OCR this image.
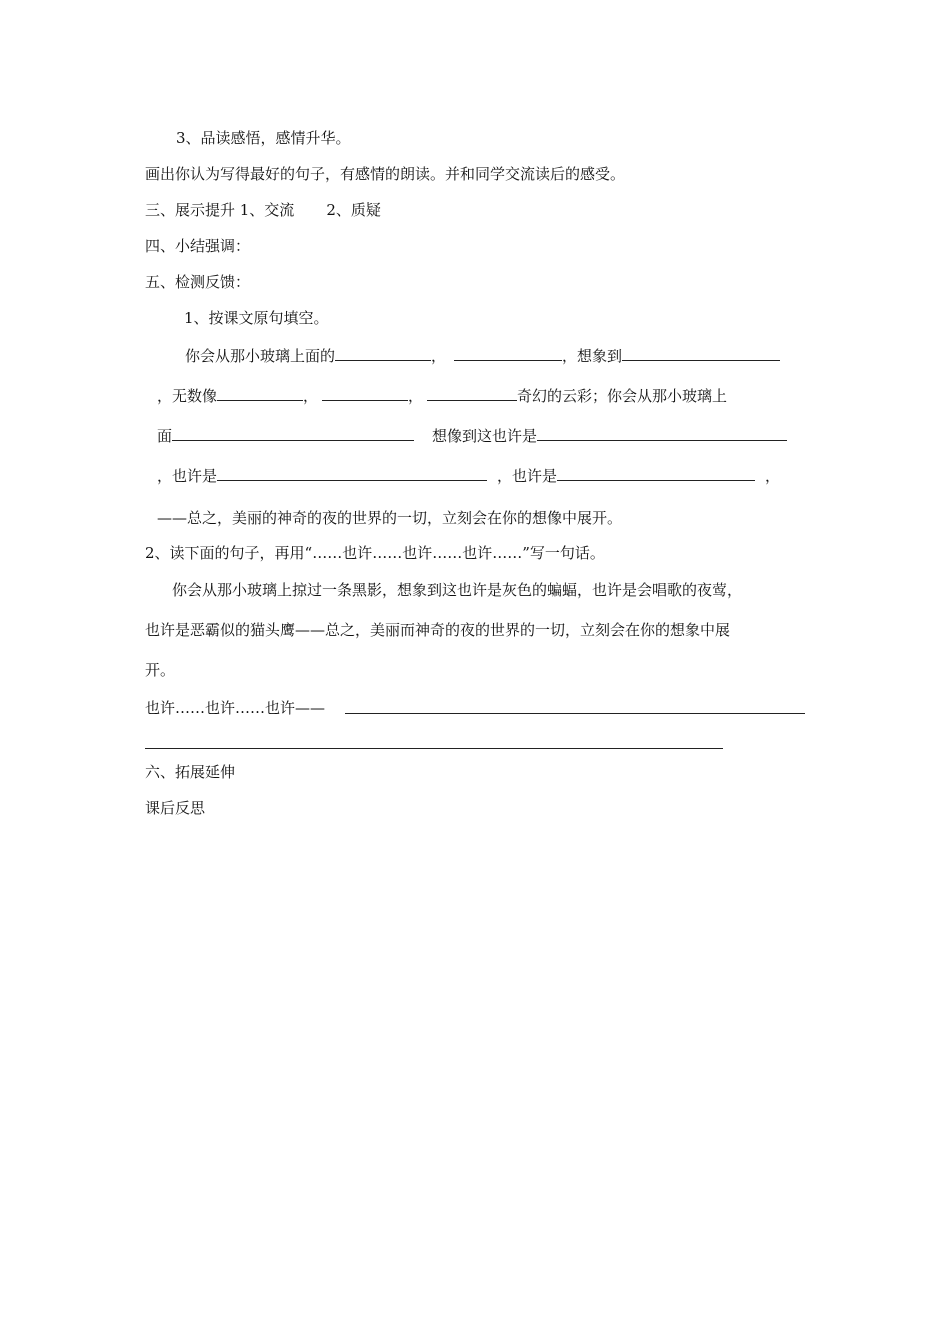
3、品读感悟，感情升华。
画出你认为写得最好的句子，有感情的朗读。并和同学交流读后的感受。
三、展示提升 1、交流 2、质疑
四、小结强调：
五、检测反馈：
1、按课文原句填空。
你会从那小玻璃上面的	，	，想象到
，无数像	，	，	奇幻的云彩；你会从那小玻璃上
面	想像到这也许是
，也许是	，也许是	，
——总之，美丽的神奇的夜的世界的一切，立刻会在你的想像中展开。
2、读下面的句子，再用“……也许……也许……也许……”写一句话。
你会从那小玻璃上掠过一条黑影，想象到这也许是灰色的蝙蝠，也许是会唱歌的夜莺，
也许是恶霸似的猫头鹰——总之，美丽而神奇的夜的世界的一切，立刻会在你的想象中展
开。
也许……也许……也许——
六、拓展延伸
课后反思
